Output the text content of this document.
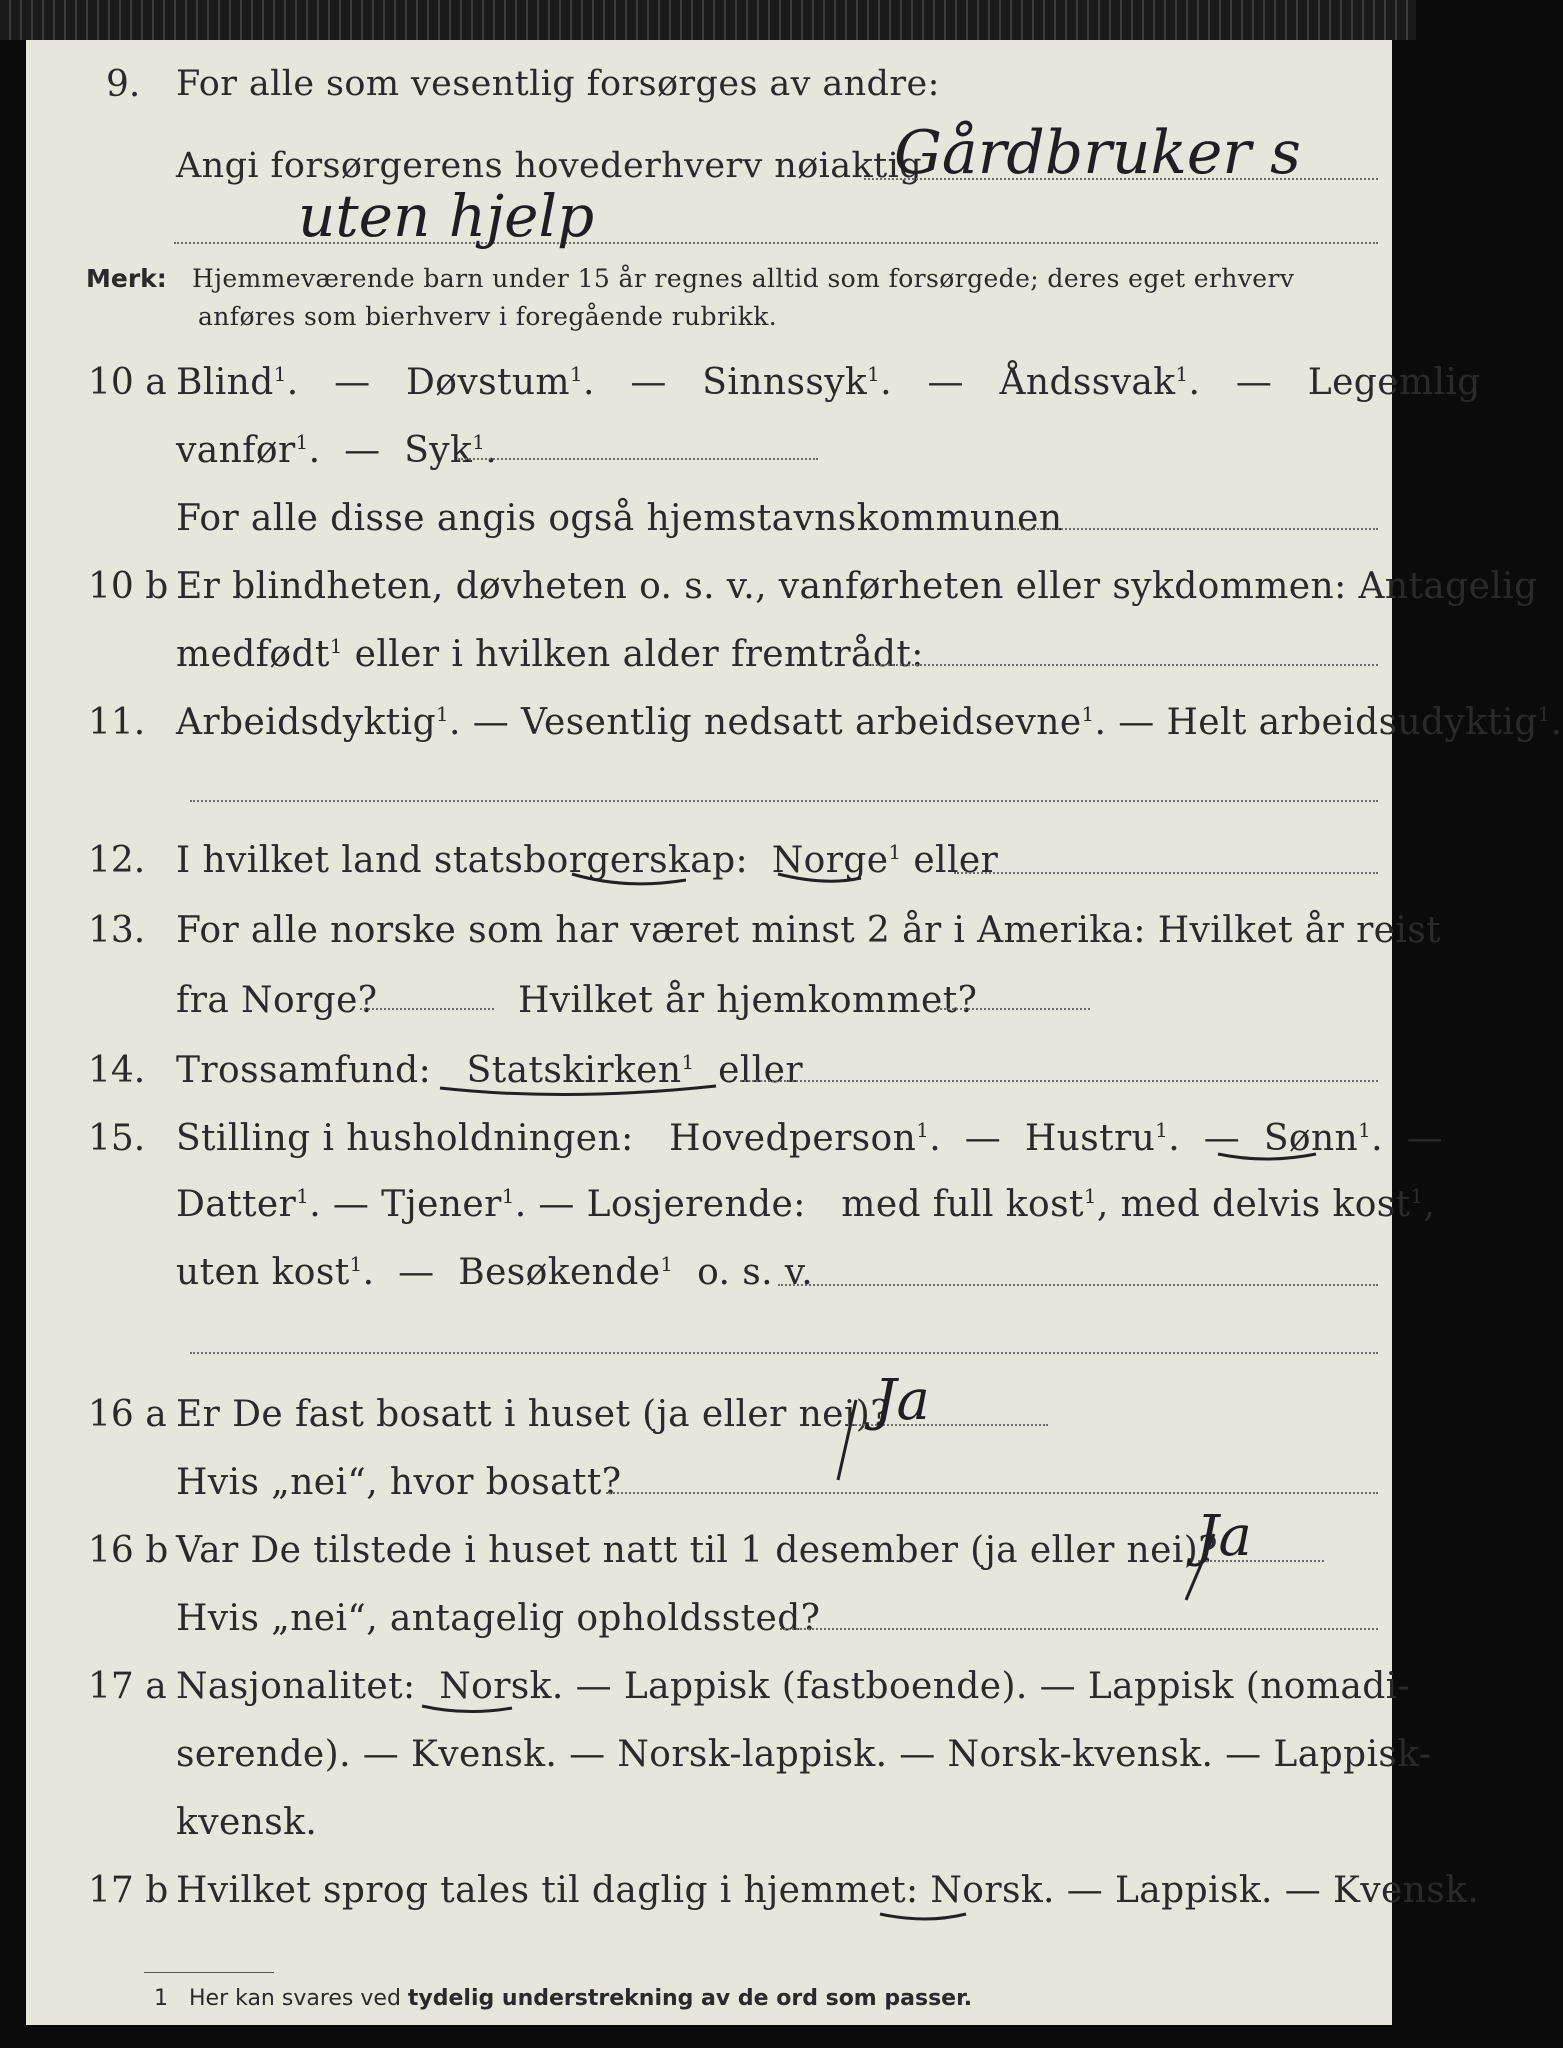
9. For alle som vesentlig forsørges av andre:
Angi forsørgerens hovederhverv nøiaktig
Gårdbruker s
uten hjelp
Merk: Hjemmeværende barn under 15 år regnes alltid som forsørgede; deres eget erhverv
anføres som bierhverv i foregående rubrikk.
10 a Blind$^1$. — Døvstum$^1$. — Sinnssyk$^1$. — Åndssvak$^1$. — Legemlig
vanfør$^1$. — Syk$^1$.
For alle disse angis også hjemstavnskommunen
10 b Er blindheten, døvheten o. s. v., vanførheten eller sykdommen: Antagelig
medfødt$^1$ eller i hvilken alder fremtrådt:
11. Arbeidsdyktig$^1$. — Vesentlig nedsatt arbeidsevne$^1$. — Helt arbeidsudyktig$^1$.
12. I hvilket land statsborgerskap: Norge$^1$ eller
13. For alle norske som har været minst 2 år i Amerika: Hvilket år reist
fra Norge?	Hvilket år hjemkommet?
14. Trossamfund: Statskirken$^1$ eller
15. Stilling i husholdningen: Hovedperson$^1$. — Hustru$^1$. — Sønn$^1$. —
Datter$^1$. — Tjener$^1$. — Losjerende: med full kost$^1$, med delvis kost$^1$,
uten kost$^1$. — Besøkende$^1$ o. s. v.
16 a Er De fast bosatt i huset (ja eller nei)?
Ja
Hvis „nei“, hvor bosatt?
16 b Var De tilstede i huset natt til 1 desember (ja eller nei)?
Ja
Hvis „nei“, antagelig opholdssted?
17 a Nasjonalitet: Norsk. — Lappisk (fastboende). — Lappisk (nomadi-
serende). — Kvensk. — Norsk-lappisk. — Norsk-kvensk. — Lappisk-
kvensk.
17 b Hvilket sprog tales til daglig i hjemmet: Norsk. — Lappisk. — Kvensk.
1 Her kan svares ved tydelig understrekning av de ord som passer.
